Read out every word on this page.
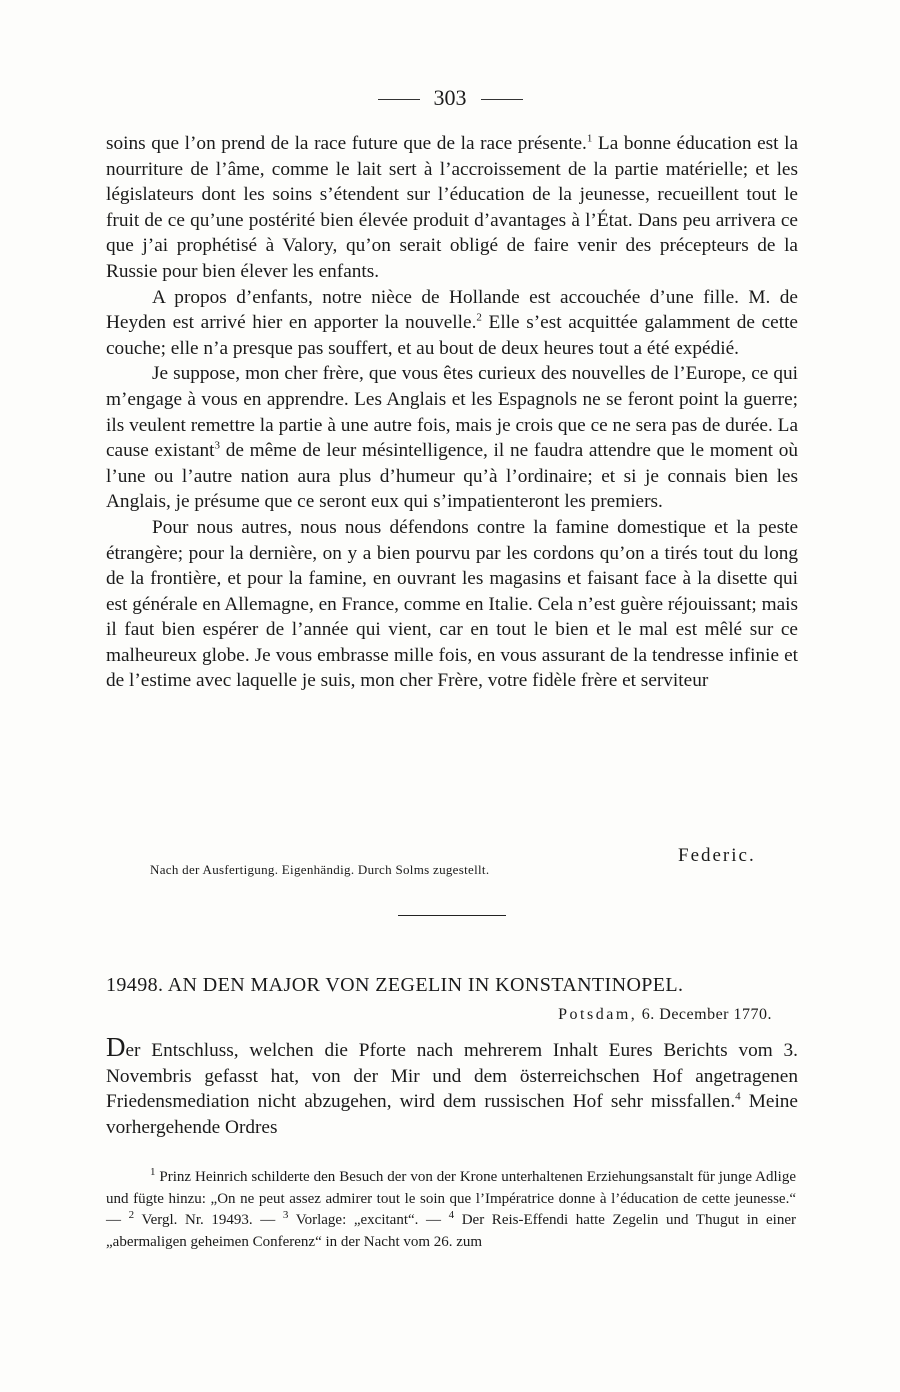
303

soins que l’on prend de la race future que de la race présente.$^1$ La bonne éducation est la nourriture de l’âme, comme le lait sert à l’accroissement de la partie matérielle; et les législateurs dont les soins s’étendent sur l’éducation de la jeunesse, recueillent tout le fruit de ce qu’une postérité bien élevée produit d’avantages à l’État. Dans peu arrivera ce que j’ai prophétisé à Valory, qu’on serait obligé de faire venir des précepteurs de la Russie pour bien élever les enfants.

A propos d’enfants, notre nièce de Hollande est accouchée d’une fille. M. de Heyden est arrivé hier en apporter la nouvelle.$^2$ Elle s’est acquittée galamment de cette couche; elle n’a presque pas souffert, et au bout de deux heures tout a été expédié.

Je suppose, mon cher frère, que vous êtes curieux des nouvelles de l’Europe, ce qui m’engage à vous en apprendre. Les Anglais et les Espagnols ne se feront point la guerre; ils veulent remettre la partie à une autre fois, mais je crois que ce ne sera pas de durée. La cause existant$^3$ de même de leur mésintelligence, il ne faudra attendre que le moment où l’une ou l’autre nation aura plus d’humeur qu’à l’ordinaire; et si je connais bien les Anglais, je présume que ce seront eux qui s’impatienteront les premiers.

Pour nous autres, nous nous défendons contre la famine domestique et la peste étrangère; pour la dernière, on y a bien pourvu par les cordons qu’on a tirés tout du long de la frontière, et pour la famine, en ouvrant les magasins et faisant face à la disette qui est générale en Allemagne, en France, comme en Italie. Cela n’est guère réjouissant; mais il faut bien espérer de l’année qui vient, car en tout le bien et le mal est mêlé sur ce malheureux globe. Je vous embrasse mille fois, en vous assurant de la tendresse infinie et de l’estime avec laquelle je suis, mon cher Frère, votre fidèle frère et serviteur

Federic.
Nach der Ausfertigung. Eigenhändig. Durch Solms zugestellt.
19498. AN DEN MAJOR VON ZEGELIN IN KONSTANTINOPEL.
Potsdam, 6. December 1770.

Der Entschluss, welchen die Pforte nach mehrerem Inhalt Eures Berichts vom 3. Novembris gefasst hat, von der Mir und dem österreichschen Hof angetragenen Friedensmediation nicht abzugehen, wird dem russischen Hof sehr missfallen.$^4$ Meine vorhergehende Ordres

$^1$ Prinz Heinrich schilderte den Besuch der von der Krone unterhaltenen Erziehungsanstalt für junge Adlige und fügte hinzu: „On ne peut assez admirer tout le soin que l’Impératrice donne à l’éducation de cette jeunesse.“ — $^2$ Vergl. Nr. 19493. — $^3$ Vorlage: „excitant“. — $^4$ Der Reis-Effendi hatte Zegelin und Thugut in einer „abermaligen geheimen Conferenz“ in der Nacht vom 26. zum
